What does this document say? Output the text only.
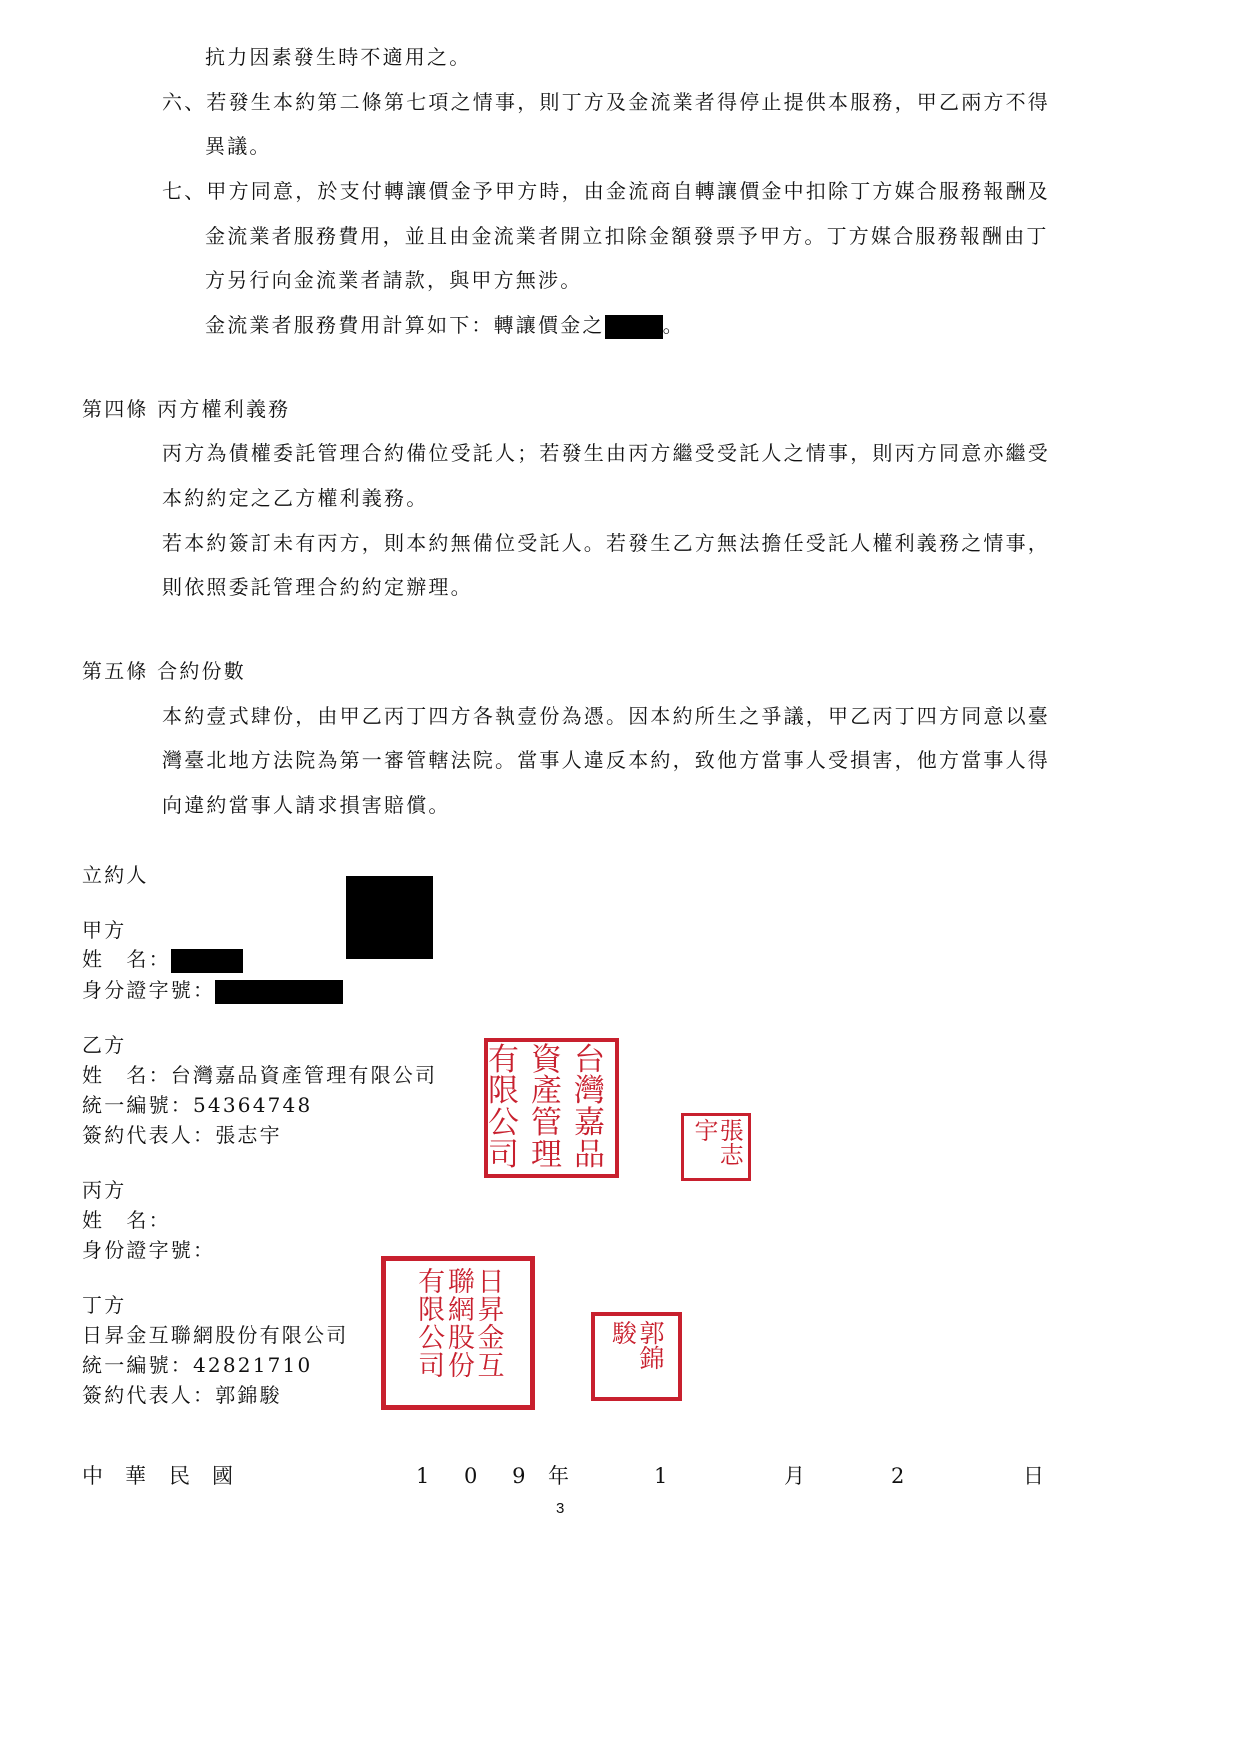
抗力因素發生時不適用之。
六、若發生本約第二條第七項之情事，則丁方及金流業者得停止提供本服務，甲乙兩方不得
異議。
七、甲方同意，於支付轉讓價金予甲方時，由金流商自轉讓價金中扣除丁方媒合服務報酬及
金流業者服務費用，並且由金流業者開立扣除金額發票予甲方。丁方媒合服務報酬由丁
方另行向金流業者請款，與甲方無涉。
金流業者服務費用計算如下：轉讓價金之	。
第四條 丙方權利義務
丙方為債權委託管理合約備位受託人；若發生由丙方繼受受託人之情事，則丙方同意亦繼受
本約約定之乙方權利義務。
若本約簽訂未有丙方，則本約無備位受託人。若發生乙方無法擔任受託人權利義務之情事，
則依照委託管理合約約定辦理。
第五條 合約份數
本約壹式肆份，由甲乙丙丁四方各執壹份為憑。因本約所生之爭議，甲乙丙丁四方同意以臺
灣臺北地方法院為第一審管轄法院。當事人違反本約，致他方當事人受損害，他方當事人得
向違約當事人請求損害賠償。
立約人
甲方
姓　名：
身分證字號：
乙方
姓　名：台灣嘉品資產管理有限公司
統一編號：54364748
簽約代表人：張志宇
丙方
姓　名：
身份證字號：
丁方
日昇金互聯網股份有限公司
統一編號：42821710
簽約代表人：郭錦駿
有限
公司
資產
管理
台灣
嘉品	張志宇
日昇金互聯網股份有限公司	郭錦駿
中 華 民 國	1 0 9 年	1	月	2	日
3
